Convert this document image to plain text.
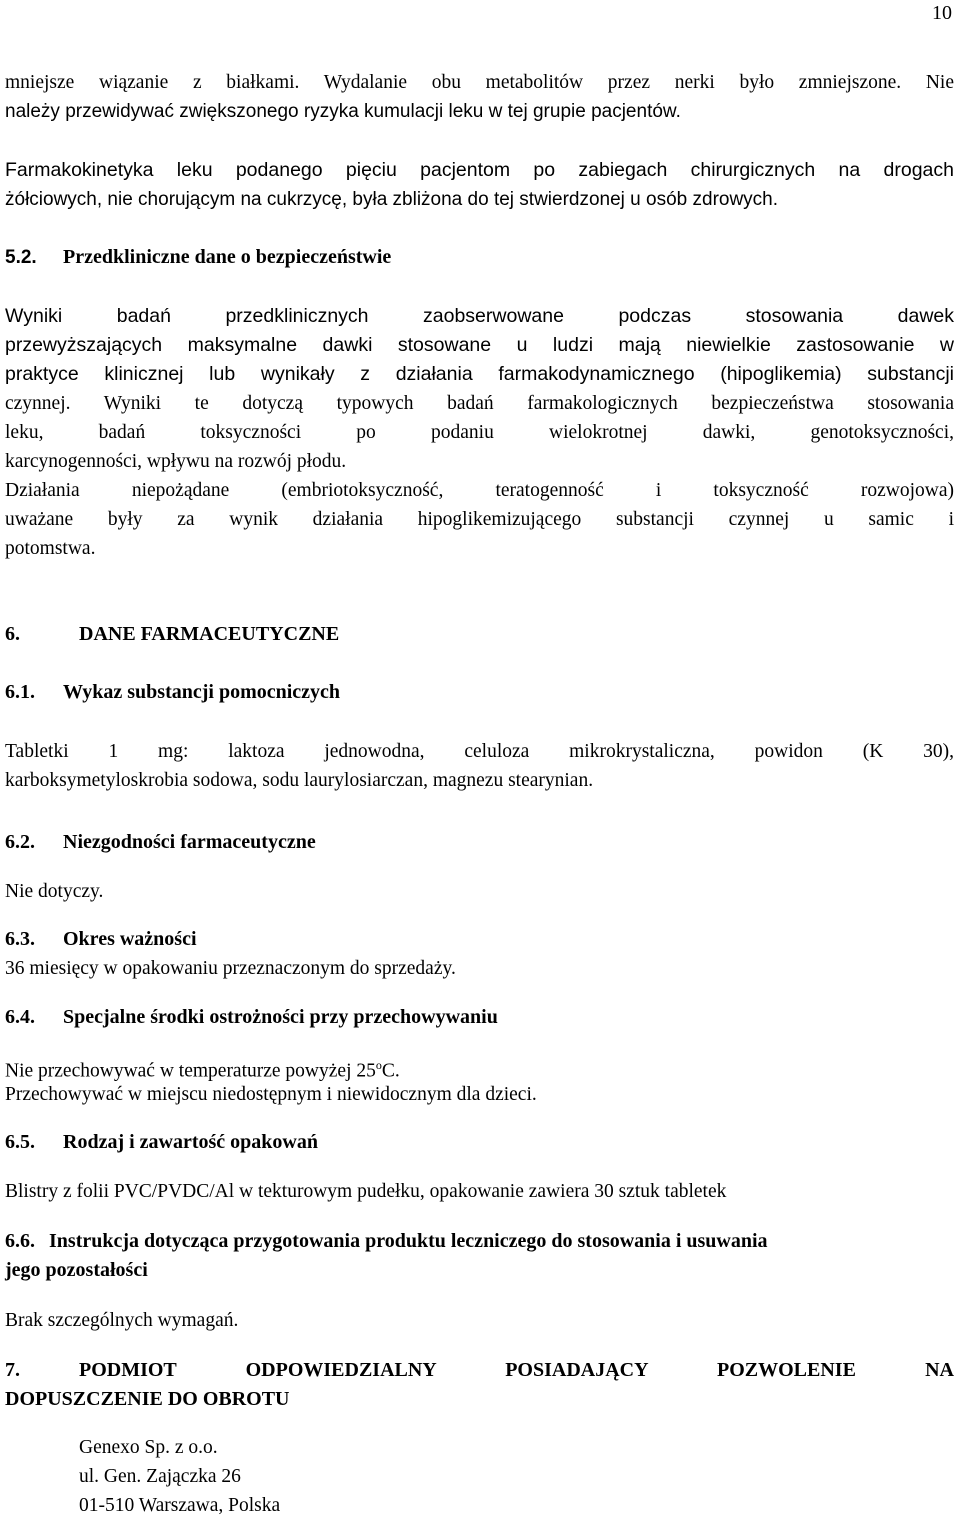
10
mniejsze wiązanie z białkami. Wydalanie obu metabolitów przez nerki było zmniejszone. Nie
należy przewidywać zwiększonego ryzyka kumulacji leku w tej grupie pacjentów.
Farmakokinetyka leku podanego pięciu pacjentom po zabiegach chirurgicznych na drogach
żółciowych, nie chorującym na cukrzycę, była zbliżona do tej stwierdzonej u osób zdrowych.
5.2. Przedkliniczne dane o bezpieczeństwie
Wyniki badań przedklinicznych zaobserwowane podczas stosowania dawek
przewyższających maksymalne dawki stosowane u ludzi mają niewielkie zastosowanie w
praktyce klinicznej lub wynikały z działania farmakodynamicznego (hipoglikemia) substancji
czynnej. Wyniki te dotyczą typowych badań farmakologicznych bezpieczeństwa stosowania
leku, badań toksyczności po podaniu wielokrotnej dawki, genotoksyczności,
karcynogenności, wpływu na rozwój płodu.
Działania niepożądane (embriotoksyczność, teratogenność i toksyczność rozwojowa)
uważane były za wynik działania hipoglikemizującego substancji czynnej u samic i
potomstwa.
6.	DANE FARMACEUTYCZNE
6.1. Wykaz substancji pomocniczych
Tabletki 1 mg: laktoza jednowodna, celuloza mikrokrystaliczna, powidon (K 30),
karboksymetyloskrobia sodowa, sodu laurylosiarczan, magnezu stearynian.
6.2. Niezgodności farmaceutyczne
Nie dotyczy.
6.3. Okres ważności
36 miesięcy w opakowaniu przeznaczonym do sprzedaży.
6.4. Specjalne środki ostrożności przy przechowywaniu
Nie przechowywać w temperaturze powyżej 25$^o$C.
Przechowywać w miejscu niedostępnym i niewidocznym dla dzieci.
6.5. Rodzaj i zawartość opakowań
Blistry z folii PVC/PVDC/Al w tekturowym pudełku, opakowanie zawiera 30 sztuk tabletek
6.6. Instrukcja dotycząca przygotowania produktu leczniczego do stosowania i usuwania
jego pozostałości
Brak szczególnych wymagań.
7.	PODMIOT ODPOWIEDZIALNY POSIADAJĄCY POZWOLENIE NA
DOPUSZCZENIE DO OBROTU
Genexo Sp. z o.o.
ul. Gen. Zajączka 26
01-510 Warszawa, Polska
